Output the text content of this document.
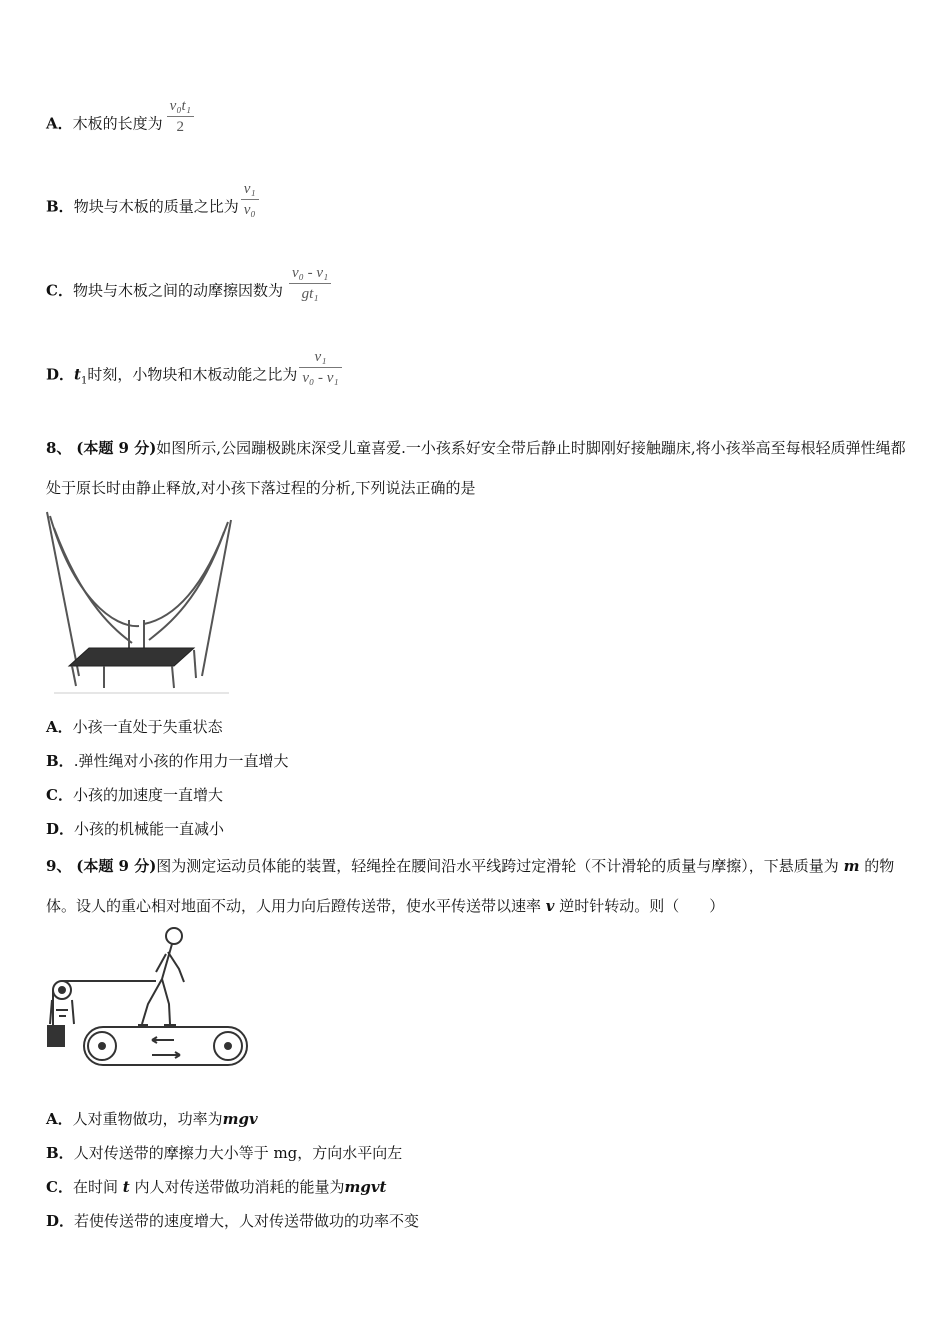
A．木板的长度为 $\frac{\text{v₀t₁}}{2}$
B．物块与木板的质量之比为 $\frac{\text{v₁}}{\text{v₀}}$
C．物块与木板之间的动摩擦因数为 $\frac{\text{v₀ - v₁}}{\text{gt₁}}$
D．$t_1$时刻，小物块和木板动能之比为 $\frac{\text{v₁}}{\text{v₀ - v₁}}$
8、 (本题 9 分)如图所示,公园蹦极跳床深受儿童喜爱.一小孩系好安全带后静止时脚刚好接触蹦床,将小孩举高至每根轻质弹性绳都处于原长时由静止释放,对小孩下落过程的分析,下列说法正确的是
A．小孩一直处于失重状态
B．.弹性绳对小孩的作用力一直增大
C．小孩的加速度一直增大
D．小孩的机械能一直减小
9、 (本题 9 分)图为测定运动员体能的装置，轻绳拴在腰间沿水平线跨过定滑轮（不计滑轮的质量与摩擦），下悬质量为 m 的物体。设人的重心相对地面不动，人用力向后蹬传送带，使水平传送带以速率 v 逆时针转动。则（　　）
A．人对重物做功，功率为mgv
B．人对传送带的摩擦力大小等于 mg，方向水平向左
C．在时间 t 内人对传送带做功消耗的能量为mgvt
D．若使传送带的速度增大，人对传送带做功的功率不变
